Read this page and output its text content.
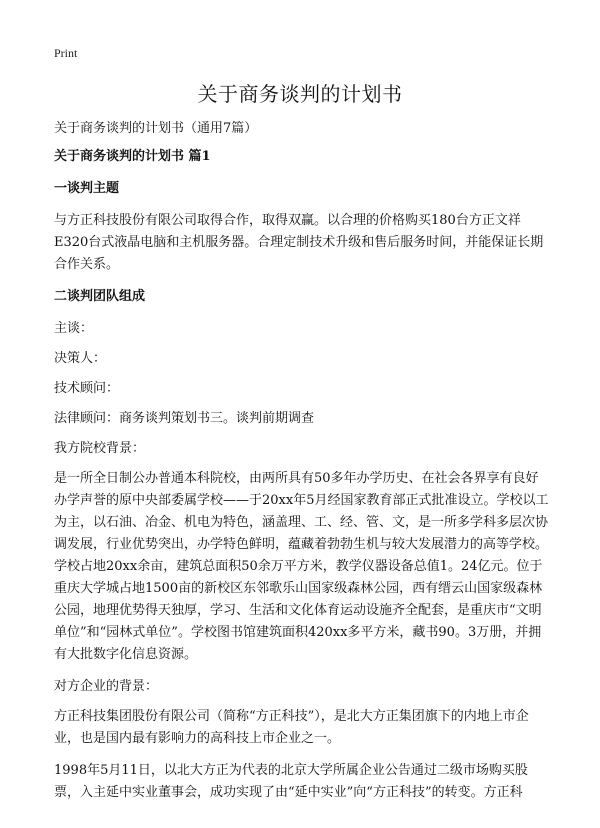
Print
关于商务谈判的计划书

关于商务谈判的计划书（通用7篇）

关于商务谈判的计划书 篇1

一谈判主题

与方正科技股份有限公司取得合作，取得双赢。以合理的价格购买180台方正文祥E320台式液晶电脑和主机服务器。合理定制技术升级和售后服务时间，并能保证长期合作关系。

二谈判团队组成

主谈：

决策人：

技术顾问：

法律顾问：商务谈判策划书三。谈判前期调查

我方院校背景：

是一所全日制公办普通本科院校，由两所具有50多年办学历史、在社会各界享有良好办学声誉的原中央部委属学校——于20xx年5月经国家教育部正式批准设立。学校以工为主，以石油、冶金、机电为特色，涵盖理、工、经、管、文，是一所多学科多层次协调发展，行业优势突出，办学特色鲜明，蕴藏着勃勃生机与较大发展潜力的高等学校。学校占地20xx余亩，建筑总面积50余万平方米，教学仪器设备总值1。24亿元。位于重庆大学城占地1500亩的新校区东邻歌乐山国家级森林公园，西有缙云山国家级森林公园，地理优势得天独厚，学习、生活和文化体育运动设施齐全配套，是重庆市“文明单位”和“园林式单位”。学校图书馆建筑面积420xx多平方米，藏书90。3万册，并拥有大批数字化信息资源。

对方企业的背景：

方正科技集团股份有限公司（简称“方正科技”），是北大方正集团旗下的内地上市企业，也是国内最有影响力的高科技上市企业之一。

1998年5月11日，以北大方正为代表的北京大学所属企业公告通过二级市场购买股票，入主延中实业董事会，成功实现了由“延中实业”向“方正科技”的转变。方正科
